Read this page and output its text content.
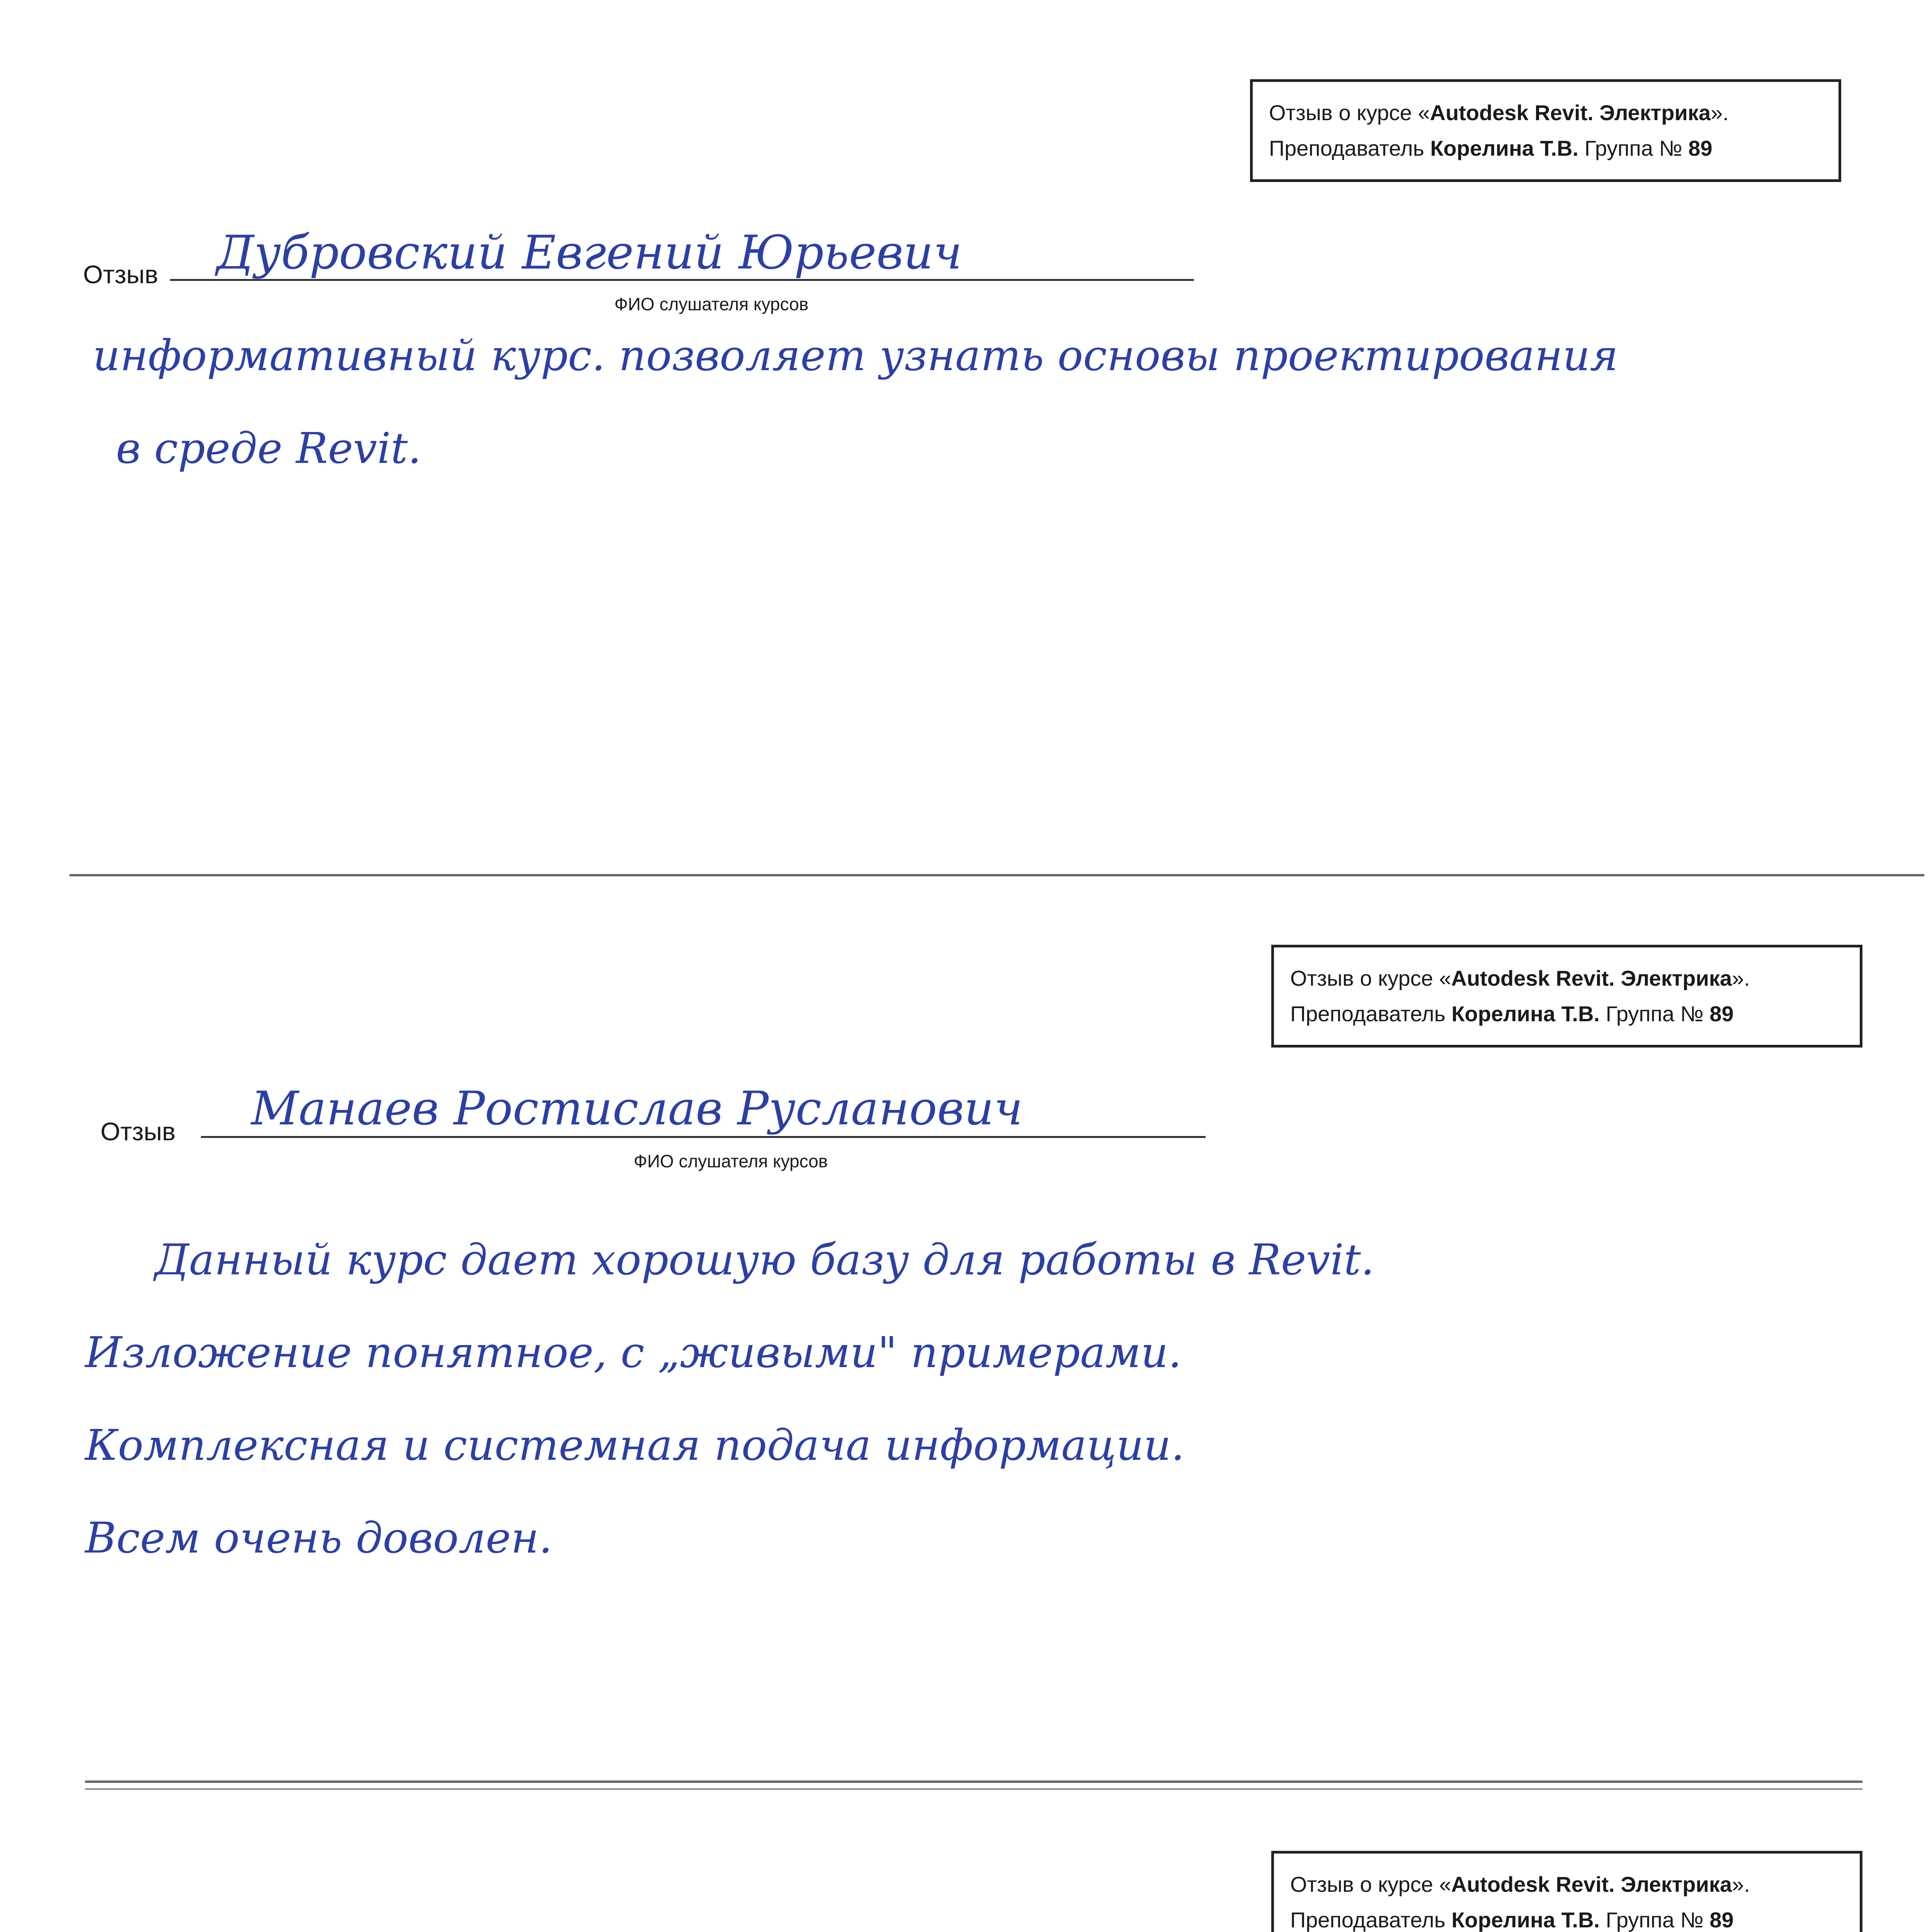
Отзыв о курсе «Autodesk Revit. Электрика».
Преподаватель Корелина Т.В. Группа № 89
Отзыв Дубровский Евгений Юрьевич
ФИО слушателя курсов
информативный курс. позволяет узнать основы проектирования
в среде Revit.
Отзыв о курсе «Autodesk Revit. Электрика».
Преподаватель Корелина Т.В. Группа № 89
Отзыв Манаев Ростислав Русланович
ФИО слушателя курсов
Данный курс дает хорошую базу для работы в Revit.
Изложение понятное, с „живыми" примерами.
Комплексная и системная подача информации.
Всем очень доволен.
Отзыв о курсе «Autodesk Revit. Электрика».
Преподаватель Корелина Т.В. Группа № 89
